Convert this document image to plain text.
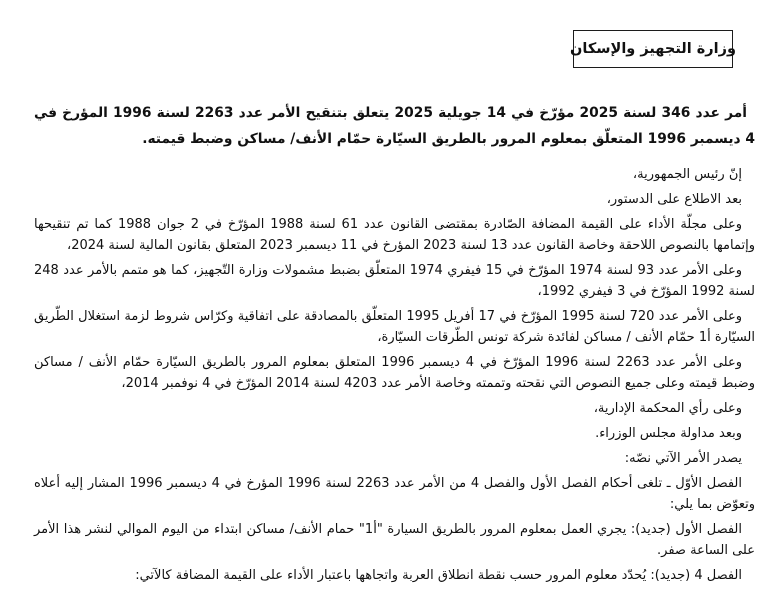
وزارة التجهيز والإسكان

أمر عدد 346 لسنة 2025 مؤرّخ في 14 جويلية 2025 يتعلق بتنقيح الأمر عدد 2263 لسنة 1996 المؤرخ في 4 ديسمبر 1996 المتعلّق بمعلوم المرور بالطريق السيّارة حمّام الأنف/ مساكن وضبط قيمته.

إنّ رئيس الجمهورية،

بعد الاطلاع على الدستور،

وعلى مجلّة الأداء على القيمة المضافة الصّادرة بمقتضى القانون عدد 61 لسنة 1988 المؤرّخ في 2 جوان 1988 كما تم تنقيحها وإتمامها بالنصوص اللاحقة وخاصة القانون عدد 13 لسنة 2023 المؤرخ في 11 ديسمبر 2023 المتعلق بقانون المالية لسنة 2024،

وعلى الأمر عدد 93 لسنة 1974 المؤرّخ في 15 فيفري 1974 المتعلّق بضبط مشمولات وزارة التّجهيز، كما هو متمم بالأمر عدد 248 لسنة 1992 المؤرّخ في 3 فيفري 1992،

وعلى الأمر عدد 720 لسنة 1995 المؤرّخ في 17 أفريل 1995 المتعلّق بالمصادقة على اتفاقية وكرّاس شروط لزمة استغلال الطّريق السيّارة أ1 حمّام الأنف / مساكن لفائدة شركة تونس الطّرقات السيّارة،

وعلى الأمر عدد 2263 لسنة 1996 المؤرّخ في 4 ديسمبر 1996 المتعلق بمعلوم المرور بالطريق السيّارة حمّام الأنف / مساكن وضبط قيمته وعلى جميع النصوص التي نقحته وتممته وخاصة الأمر عدد 4203 لسنة 2014 المؤرّخ في 4 نوفمبر 2014،

وعلى رأي المحكمة الإدارية،

وبعد مداولة مجلس الوزراء.

يصدر الأمر الآتي نصّه:

الفصل الأوّل ـ تلغى أحكام الفصل الأول والفصل 4 من الأمر عدد 2263 لسنة 1996 المؤرخ في 4 ديسمبر 1996 المشار إليه أعلاه وتعوّض بما يلي:

الفصل الأول (جديد): يجري العمل بمعلوم المرور بالطريق السيارة "أ1" حمام الأنف/ مساكن ابتداء من اليوم الموالي لنشر هذا الأمر على الساعة صفر.

الفصل 4 (جديد): يُحدّد معلوم المرور حسب نقطة انطلاق العربة واتجاهها باعتبار الأداء على القيمة المضافة كالآتي:
